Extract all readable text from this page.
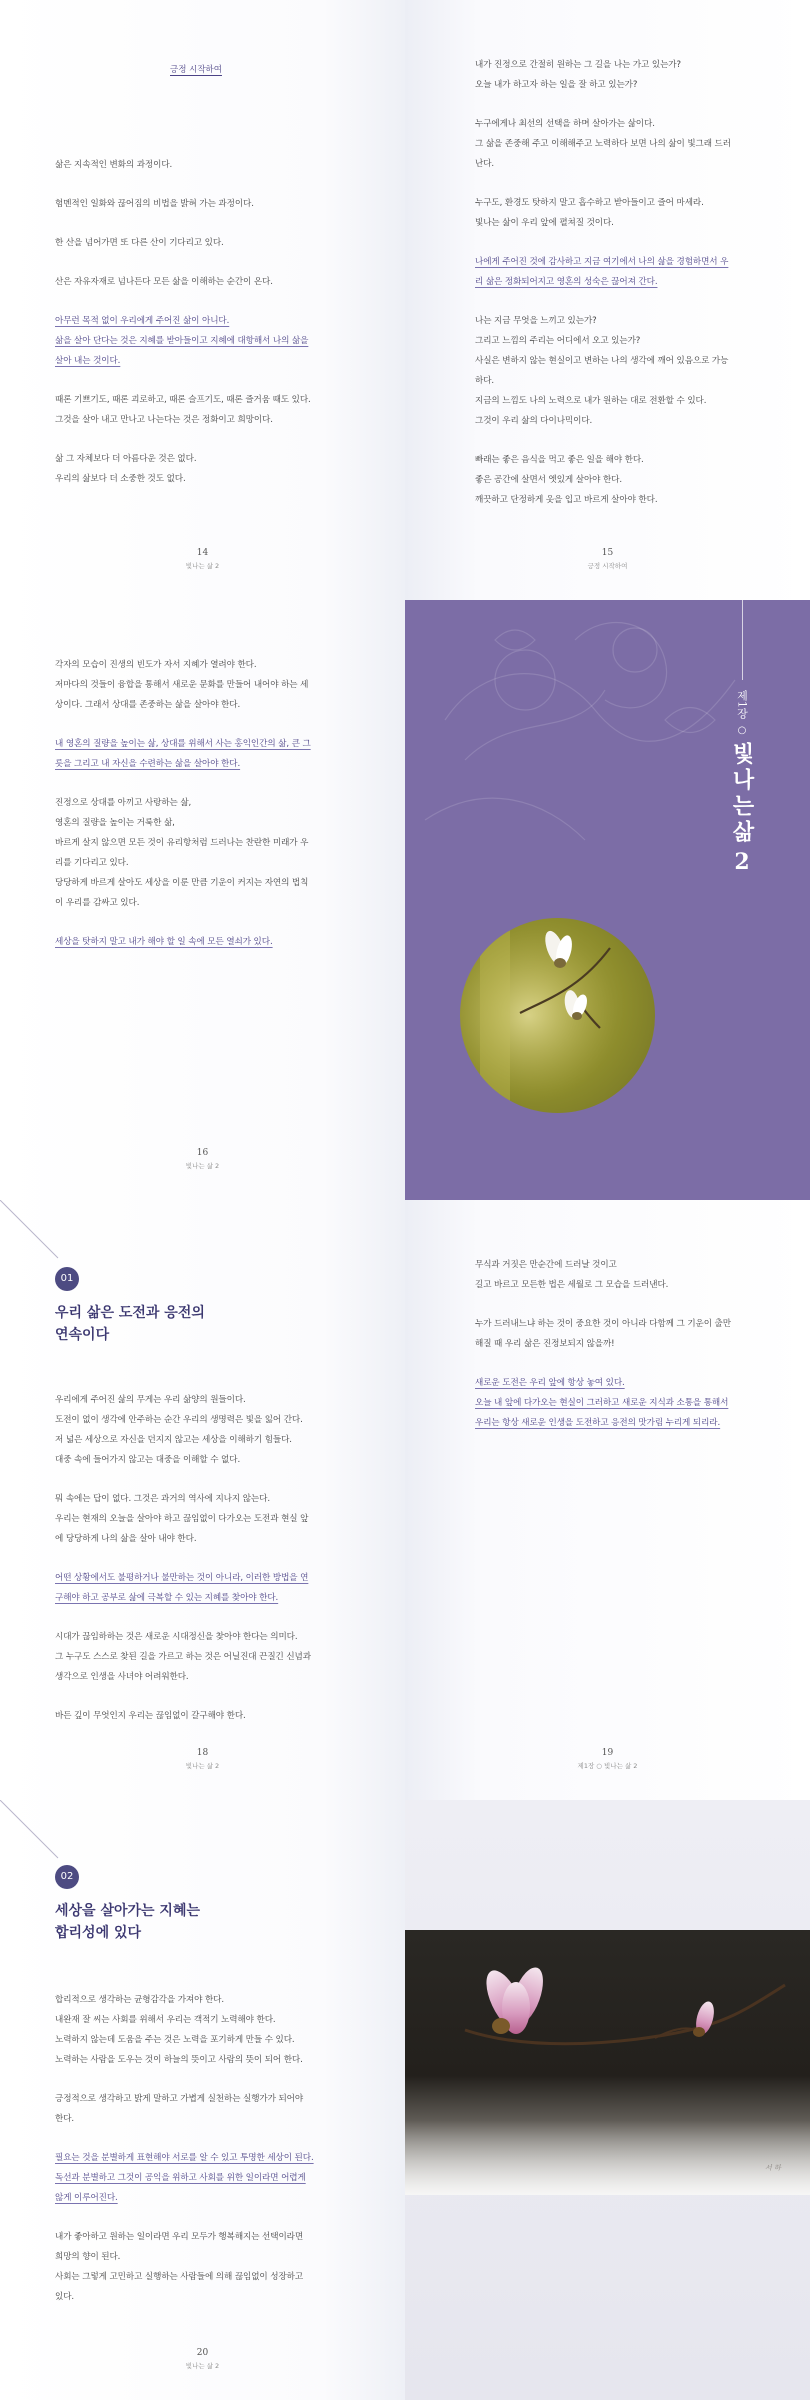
긍정 시작하여
삶은 지속적인 변화의 과정이다.
험멘적인 일화와 끊어짐의 비법을 밝혀 가는 과정이다.
한 산을 넘어가면 또 다른 산이 기다리고 있다.
산은 자유자재로 넘나든다 모든 삶을 이해하는 순간이 온다.
아무런 목적 없이 우리에게 주어진 삶이 아니다.
삶을 살아 단다는 것은 지혜를 받아들이고 지혜에 대항해서 나의 삶을
살아 내는 것이다.
때론 기쁘기도, 때론 괴로하고, 때론 슬프기도, 때론 즐거움 때도 있다.
그것을 살아 내고 만나고 나는다는 것은 정화이고 희망이다.
삶 그 자체보다 더 아름다운 것은 없다.
우리의 삶보다 더 소중한 것도 없다.
14
빛나는 삶 2
내가 진정으로 간절히 원하는 그 길을 나는 가고 있는가?
오늘 내가 하고자 하는 일을 잘 하고 있는가?
누구에게나 최선의 선택을 하며 살아가는 삶이다.
그 삶을 존중해 주고 이해해주고 노력하다 보면 나의 삶이 빛그래 드러
난다.
누구도, 환경도 탓하지 말고 흡수하고 받아들이고 즐어 마세라.
빛나는 삶이 우리 앞에 펼쳐질 것이다.
나에게 주어진 것에 감사하고 지금 여기에서 나의 삶을 경험하면서 우
리 삶은 정화되어지고 영혼의 성숙은 끊어져 간다.
나는 지금 무엇을 느끼고 있는가?
그리고 느낌의 주리는 어디에서 오고 있는가?
사실은 변하지 않는 현실이고 변하는 나의 생각에 깨어 있음으로 가능
하다.
지금의 느낌도 나의 노력으로 내가 원하는 대로 전환할 수 있다.
그것이 우리 삶의 다이나믹이다.
빠래는 좋은 음식을 먹고 좋은 일을 해야 한다.
좋은 공간에 살면서 엣있게 살아야 한다.
깨끗하고 단정하게 옷을 입고 바르게 살아야 한다.
15
긍정 시작하여
각자의 모습이 진생의 빈도가 자서 지혜가 열려야 한다.
저마다의 것들이 융합을 통해서 새로운 문화를 만들어 내어야 하는 세
상이다. 그래서 상대를 존중하는 삶을 살아야 한다.
내 영혼의 질량을 높이는 삶, 상대를 위해서 사는 홍익인간의 삶, 큰 그
릇을 그리고 내 자신을 수련하는 삶을 살아야 한다.
진정으로 상대를 아끼고 사랑하는 삶,
영혼의 질량을 높이는 거룩한 삶,
바르게 살지 않으면 모든 것이 유리항처럼 드러나는 찬란한 미래가 우
리를 기다리고 있다.
당당하게 바르게 살아도 세상을 이룬 만큼 기운이 커지는 자연의 법칙
이 우리를 감싸고 있다.
세상을 탓하지 말고 내가 해야 할 일 속에 모든 열쇠가 있다.
16
빛나는 삶 2
제1장
○
빛나는삶
2
01
우리 삶은 도전과 응전의
연속이다
우리에게 주어진 삶의 무게는 우리 삶양의 원들이다.
도전이 없이 생각에 안주하는 순간 우리의 생명력은 빛을 잃어 간다.
저 넓은 세상으로 자신을 던지지 않고는 세상을 이해하기 힘들다.
대중 속에 들어가지 않고는 대중을 이해할 수 없다.
뭐 속에는 답이 없다. 그것은 과거의 역사에 지나지 않는다.
우리는 현재의 오늘을 살아야 하고 끊임없이 다가오는 도전과 현실 앞
에 당당하게 나의 삶을 살아 내야 한다.
어떤 상황에서도 불평하거나 불만하는 것이 아니라, 이러한 방법을 연
구해야 하고 공부로 삶에 극복할 수 있는 지혜를 찾아야 한다.
시대가 끊임하하는 것은 새로운 시대정신을 찾아야 한다는 의미다.
그 누구도 스스로 찾된 길을 가르고 하는 것은 어닐진대 끈질긴 신념과
생각으로 인생을 사녀야 어려워한다.
바든 깊이 무엇인지 우리는 끊임없이 갈구해야 한다.
18
빛나는 삶 2
무식과 거짓은 만순간에 드러날 것이고
길고 바르고 모든한 법은 세월로 그 모습을 드러낸다.
누가 드러내느냐 하는 것이 중요한 것이 아니라 다함께 그 기운이 출만
해질 때 우리 삶은 진정보되지 않을까!
새로운 도전은 우리 앞에 항상 놓여 있다.
오늘 내 앞에 다가오는 현실이 그러하고 새로운 지식과 소통을 통해서
우리는 항상 새로운 인생을 도전하고 응전의 맛가림 누리게 되리라.
19
제1장 ○ 빛나는 삶 2
02
세상을 살아가는 지혜는
합리성에 있다
합리적으로 생각하는 균형감각을 가져야 한다.
내완재 잘 씨는 사회를 위해서 우리는 객적기 노력해야 한다.
노력하지 않는데 도움을 주는 것은 노력을 포기하게 만들 수 있다.
노력하는 사람을 도우는 것이 하늘의 뜻이고 사람의 뜻이 되어 한다.
긍정적으로 생각하고 밝게 말하고 가볍게 실천하는 실행가가 되어야
한다.
필요는 것을 분별하게 표현해야 서로를 알 수 있고 투명한 세상이 된다.
독선과 분별하고 그것이 공익을 위하고 사회를 위한 일이라면 어렵게
않게 이루어진다.
내가 좋아하고 원하는 일이라면 우리 모두가 행복해지는 선택이라면
희망의 향이 된다.
사회는 그렇게 고민하고 실행하는 사람들에 의해 끊임없이 성장하고
있다.
20
빛나는 삶 2
서 하
